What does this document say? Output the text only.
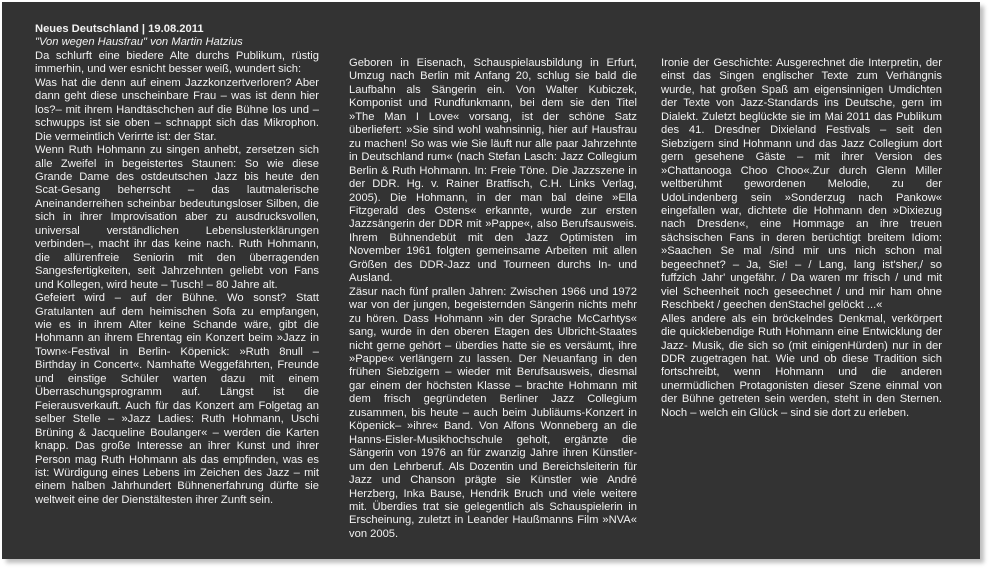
Neues Deutschland | 19.08.2011

"Von wegen Hausfrau" von Martin Hatzius

Da schlurft eine biedere Alte durchs Publikum, rüstig immerhin, und wer esnicht besser weiß, wundert sich:

Was hat die denn auf einem Jazzkonzertverloren? Aber dann geht diese unscheinbare Frau – was ist denn hier los?– mit ihrem Handtäschchen auf die Bühne los und – schwupps ist sie oben – schnappt sich das Mikrophon. Die vermeintlich Verirrte ist: der Star.

Wenn Ruth Hohmann zu singen anhebt, zersetzen sich alle Zweifel in begeistertes Staunen: So wie diese Grande Dame des ostdeutschen Jazz bis heute den Scat-Gesang beherrscht – das lautmalerische Aneinanderreihen scheinbar bedeutungsloser Silben, die sich in ihrer Improvisation aber zu ausdrucksvollen, universal verständlichen Lebenslusterklärungen verbinden–, macht ihr das keine nach. Ruth Hohmann, die allürenfreie Seniorin mit den überragenden Sangesfertigkeiten, seit Jahrzehnten geliebt von Fans und Kollegen, wird heute – Tusch! – 80 Jahre alt.

Gefeiert wird – auf der Bühne. Wo sonst? Statt Gratulanten auf dem heimischen Sofa zu empfangen, wie es in ihrem Alter keine Schande wäre, gibt die Hohmann an ihrem Ehrentag ein Konzert beim »Jazz in Town«-Festival in Berlin- Köpenick: »Ruth 8null – Birthday in Concert«. Namhafte Weggefährten, Freunde und einstige Schüler warten dazu mit einem Überraschungsprogramm auf. Längst ist die Feierausverkauft. Auch für das Konzert am Folgetag an selber Stelle – »Jazz Ladies: Ruth Hohmann, Uschi Brüning & Jacqueline Boulanger« – werden die Karten knapp. Das große Interesse an ihrer Kunst und ihrer Person mag Ruth Hohmann als das empfinden, was es ist: Würdigung eines Lebens im Zeichen des Jazz – mit einem halben Jahrhundert Bühnenerfahrung dürfte sie weltweit eine der Dienstältesten ihrer Zunft sein.

Geboren in Eisenach, Schauspielausbildung in Erfurt, Umzug nach Berlin mit Anfang 20, schlug sie bald die Laufbahn als Sängerin ein. Von Walter Kubiczek, Komponist und Rundfunkmann, bei dem sie den Titel »The Man I Love« vorsang, ist der schöne Satz überliefert: »Sie sind wohl wahnsinnig, hier auf Hausfrau zu machen! So was wie Sie läuft nur alle paar Jahrzehnte in Deutschland rum« (nach Stefan Lasch: Jazz Collegium Berlin & Ruth Hohmann. In: Freie Töne. Die Jazzszene in der DDR. Hg. v. Rainer Bratfisch, C.H. Links Verlag, 2005). Die Hohmann, in der man bal deine »Ella Fitzgerald des Ostens« erkannte, wurde zur ersten Jazzsängerin der DDR mit »Pappe«, also Berufsausweis. Ihrem Bühnendebüt mit den Jazz Optimisten im November 1961 folgten gemeinsame Arbeiten mit allen Größen des DDR-Jazz und Tourneen durchs In- und Ausland.

Zäsur nach fünf prallen Jahren: Zwischen 1966 und 1972 war von der jungen, begeisternden Sängerin nichts mehr zu hören. Dass Hohmann »in der Sprache McCarhtys« sang, wurde in den oberen Etagen des Ulbricht-Staates nicht gerne gehört – überdies hatte sie es versäumt, ihre »Pappe« verlängern zu lassen. Der Neuanfang in den frühen Siebzigern – wieder mit Berufsausweis, diesmal gar einem der höchsten Klasse – brachte Hohmann mit dem frisch gegründeten Berliner Jazz Collegium zusammen, bis heute – auch beim Jubliäums-Konzert in Köpenick– »ihre« Band. Von Alfons Wonneberg an die Hanns-Eisler-Musikhochschule geholt, ergänzte die Sängerin von 1976 an für zwanzig Jahre ihren Künstler- um den Lehrberuf. Als Dozentin und Bereichsleiterin für Jazz und Chanson prägte sie Künstler wie André Herzberg, Inka Bause, Hendrik Bruch und viele weitere mit. Überdies trat sie gelegentlich als Schauspielerin in Erscheinung, zuletzt in Leander Haußmanns Film »NVA« von 2005.

Ironie der Geschichte: Ausgerechnet die Interpretin, der einst das Singen englischer Texte zum Verhängnis wurde, hat großen Spaß am eigensinnigen Umdichten der Texte von Jazz-Standards ins Deutsche, gern im Dialekt. Zuletzt beglückte sie im Mai 2011 das Publikum des 41. Dresdner Dixieland Festivals – seit den Siebzigern sind Hohmann und das Jazz Collegium dort gern gesehene Gäste – mit ihrer Version des »Chattanooga Choo Choo«.Zur durch Glenn Miller weltberühmt gewordenen Melodie, zu der UdoLindenberg sein »Sonderzug nach Pankow« eingefallen war, dichtete die Hohmann den »Dixiezug nach Dresden«, eine Hommage an ihre treuen sächsischen Fans in deren berüchtigt breitem Idiom: »Saachen Se mal /sind mir uns nich schon mal begeechnet? – Ja, Sie! – / Lang, lang ist'sher,/ so fuffzich Jahr' ungefähr. / Da waren mr frisch / und mit viel Scheenheit noch geseechnet / und mir ham ohne Reschbekt / geechen denStachel gelöckt ...«

Alles andere als ein bröckelndes Denkmal, verkörpert die quicklebendige Ruth Hohmann eine Entwicklung der Jazz- Musik, die sich so (mit einigenHürden) nur in der DDR zugetragen hat. Wie und ob diese Tradition sich fortschreibt, wenn Hohmann und die anderen unermüdlichen Protagonisten dieser Szene einmal von der Bühne getreten sein werden, steht in den Sternen. Noch – welch ein Glück – sind sie dort zu erleben.
